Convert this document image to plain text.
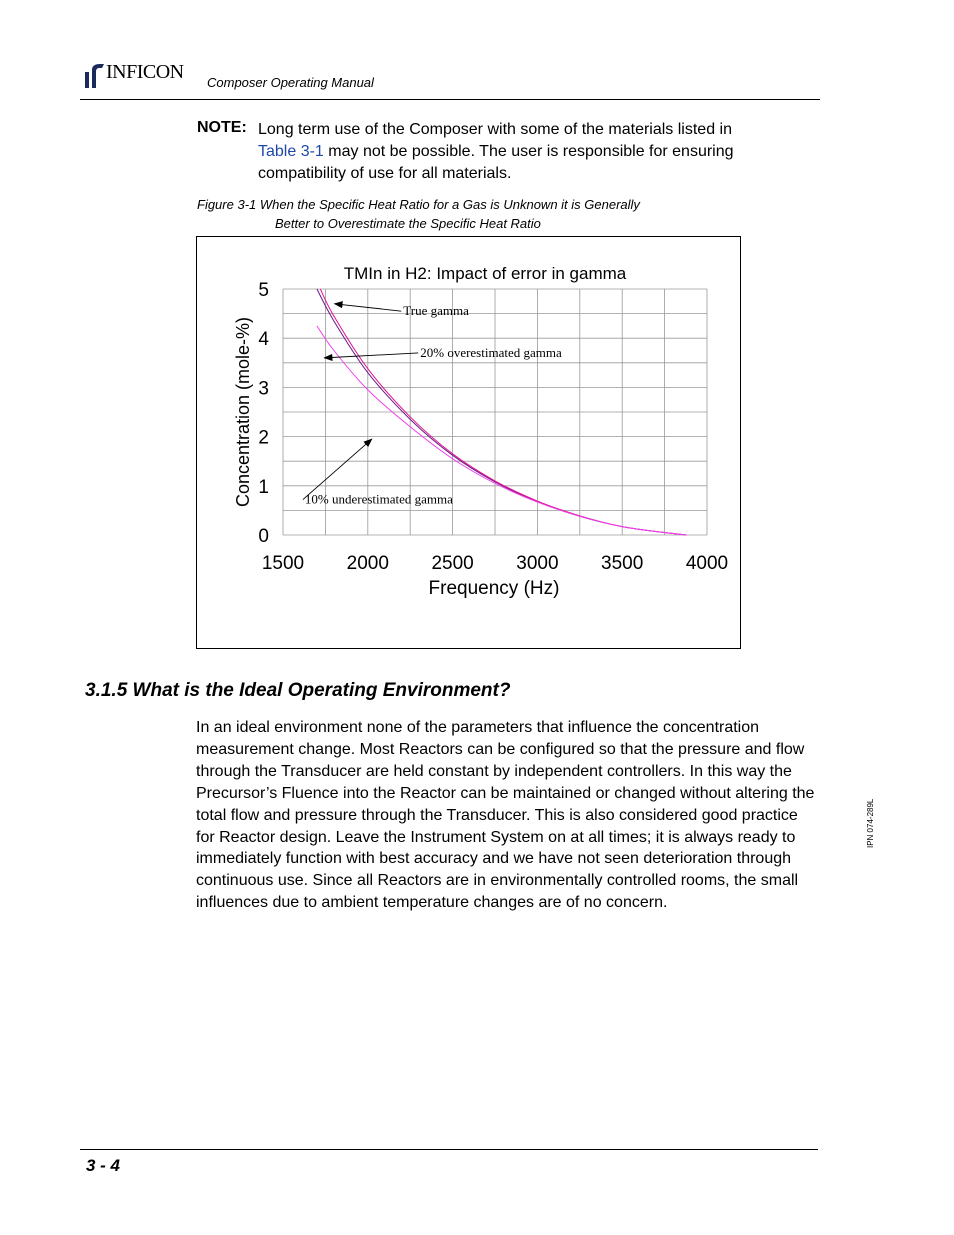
INFICON Composer Operating Manual
NOTE: Long term use of the Composer with some of the materials listed in
Table 3-1 may not be possible. The user is responsible for ensuring
compatibility of use for all materials.
Figure 3-1 When the Specific Heat Ratio for a Gas is Unknown it is Generally
Better to Overestimate the Specific Heat Ratio
TMIn in H2: Impact of error in gamma
1500 2000 2500 3000 3500 4000
0
1
2
3
4
5
True gamma
20% overestimated gamma
10% underestimated gamma
Frequency (Hz)
Concentration (mole-%)
3.1.5 What is the Ideal Operating Environment?
In an ideal environment none of the parameters that influence the concentration measurement change. Most Reactors can be configured so that the pressure and flow through the Transducer are held constant by independent controllers. In this way the Precursor’s Fluence into the Reactor can be maintained or changed without altering the total flow and pressure through the Transducer. This is also considered good practice for Reactor design. Leave the Instrument System on at all times; it is always ready to immediately function with best accuracy and we have not seen deterioration through continuous use. Since all Reactors are in environmentally controlled rooms, the small influences due to ambient temperature changes are of no concern.
IPN 074-289L
3 - 4
